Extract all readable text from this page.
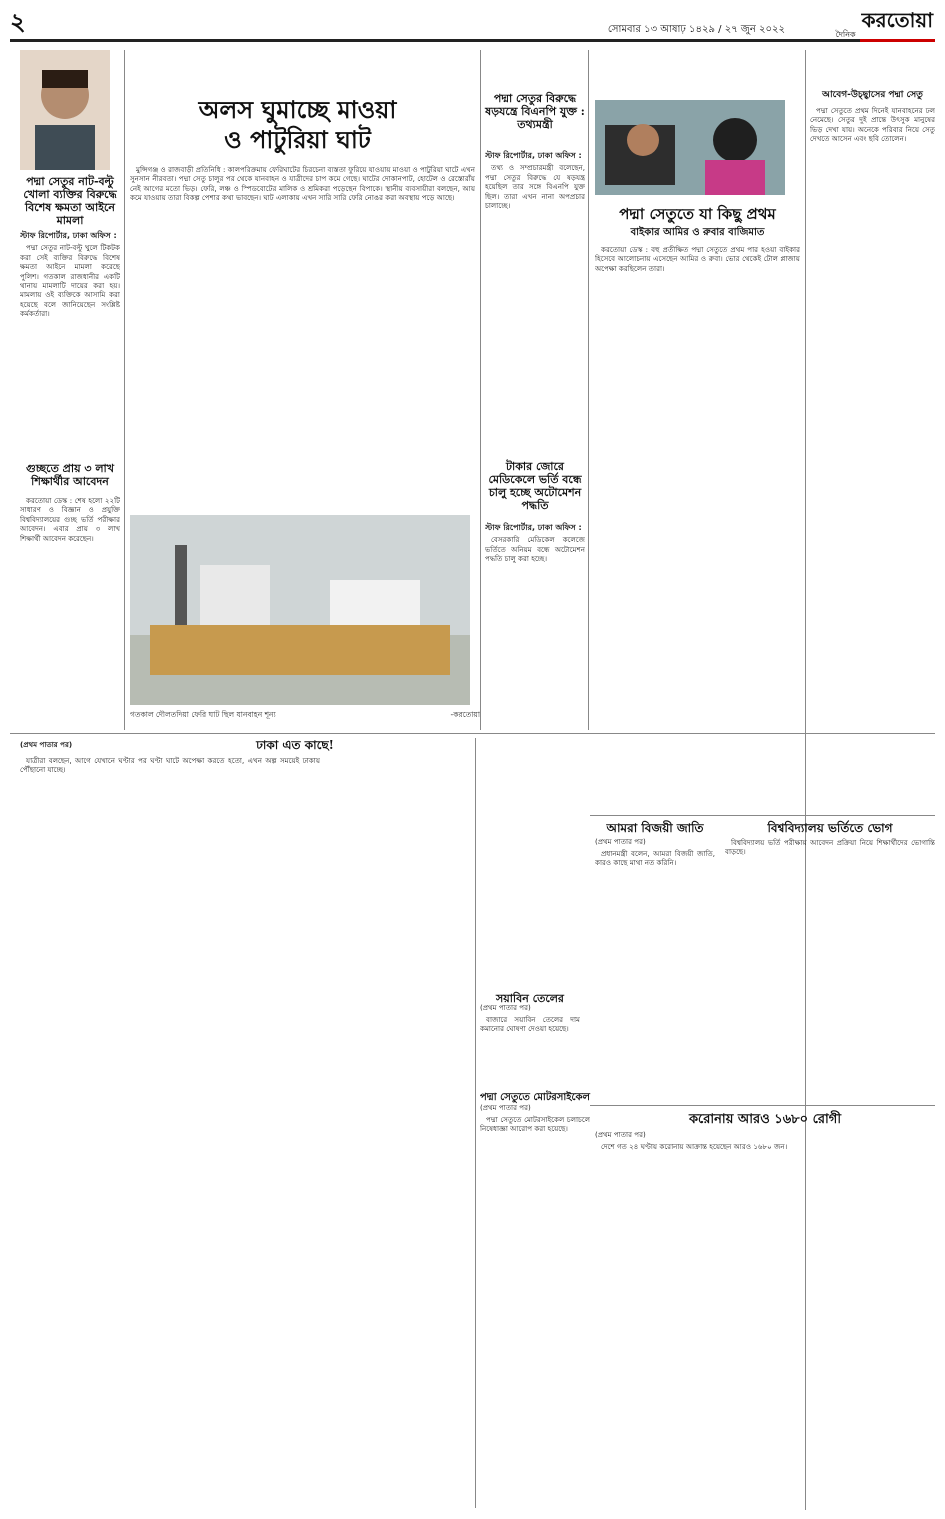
২	সোমবার ১৩ আষাঢ় ১৪২৯ / ২৭ জুন ২০২২	দৈনিক
করতোয়া
পদ্মা সেতুর নাট-বল্টু খোলা ব্যক্তির বিরুদ্ধে বিশেষ ক্ষমতা আইনে মামলা
স্টাফ রিপোর্টার, ঢাকা অফিস :

পদ্মা সেতুর নাট-বল্টু খুলে টিকটক করা সেই ব্যক্তির বিরুদ্ধে বিশেষ ক্ষমতা আইনে মামলা করেছে পুলিশ। গতকাল রাজধানীর একটি থানায় মামলাটি দায়ের করা হয়। মামলায় ওই ব্যক্তিকে আসামি করা হয়েছে বলে জানিয়েছেন সংশ্লিষ্ট কর্মকর্তারা।

গুচ্ছতে প্রায় ৩ লাখ শিক্ষার্থীর আবেদন

করতোয়া ডেস্ক : শেষ হলো ২২টি সাধারণ ও বিজ্ঞান ও প্রযুক্তি বিশ্ববিদ্যালয়ের গুচ্ছ ভর্তি পরীক্ষার আবেদন। এবার প্রায় ৩ লাখ শিক্ষার্থী আবেদন করেছেন।

অলস ঘুমাচ্ছে মাওয়া
ও পাটুরিয়া ঘাট

মুন্সিগঞ্জ ও রাজবাড়ী প্রতিনিধি : কালপরিক্রমায় ফেরিঘাটের চিরচেনা ব্যস্ততা ফুরিয়ে যাওয়ায় মাওয়া ও পাটুরিয়া ঘাটে এখন সুনসান নীরবতা। পদ্মা সেতু চালুর পর থেকে যানবাহন ও যাত্রীদের চাপ কমে গেছে। ঘাটের দোকানপাট, হোটেল ও রেস্তোরাঁয় নেই আগের মতো ভিড়। ফেরি, লঞ্চ ও স্পিডবোটের মালিক ও শ্রমিকরা পড়েছেন বিপাকে। স্থানীয় ব্যবসায়ীরা বলছেন, আয় কমে যাওয়ায় তারা বিকল্প পেশার কথা ভাবছেন। ঘাট এলাকায় এখন সারি সারি ফেরি নোঙর করা অবস্থায় পড়ে আছে।

গতকাল দৌলতদিয়া ফেরি ঘাট ছিল যানবাহন শূন্য	-করতোয়া
পদ্মা সেতুর বিরুদ্ধে ষড়যন্ত্রে বিএনপি যুক্ত : তথ্যমন্ত্রী
স্টাফ রিপোর্টার, ঢাকা অফিস :

তথ্য ও সম্প্রচারমন্ত্রী বলেছেন, পদ্মা সেতুর বিরুদ্ধে যে ষড়যন্ত্র হয়েছিল তার সঙ্গে বিএনপি যুক্ত ছিল। তারা এখন নানা অপপ্রচার চালাচ্ছে।

টাকার জোরে মেডিকেলে ভর্তি বন্ধে চালু হচ্ছে অটোমেশন পদ্ধতি
স্টাফ রিপোর্টার, ঢাকা অফিস :

বেসরকারি মেডিকেল কলেজে ভর্তিতে অনিয়ম বন্ধে অটোমেশন পদ্ধতি চালু করা হচ্ছে।

পদ্মা সেতুতে যা কিছু প্রথম
বাইকার আমির ও রুবার বাজিমাত

করতোয়া ডেস্ক : বহু প্রতীক্ষিত পদ্মা সেতুতে প্রথম পার হওয়া বাইকার হিসেবে আলোচনায় এসেছেন আমির ও রুবা। ভোর থেকেই টোল প্লাজায় অপেক্ষা করছিলেন তারা।

আবেগ-উচ্ছ্বাসের পদ্মা সেতু

পদ্মা সেতুতে প্রথম দিনেই যানবাহনের ঢল নেমেছে। সেতুর দুই প্রান্তে উৎসুক মানুষের ভিড় দেখা যায়। অনেকে পরিবার নিয়ে সেতু দেখতে আসেন এবং ছবি তোলেন।

ঢাকা এত কাছে!
(প্রথম পাতার পর)

যাত্রীরা বলছেন, আগে যেখানে ঘণ্টার পর ঘণ্টা ঘাটে অপেক্ষা করতে হতো, এখন অল্প সময়েই ঢাকায় পৌঁছানো যাচ্ছে।

সয়াবিন তেলের
(প্রথম পাতার পর)

বাজারে সয়াবিন তেলের দাম কমানোর ঘোষণা দেওয়া হয়েছে।

পদ্মা সেতুতে মোটরসাইকেল
(প্রথম পাতার পর)

পদ্মা সেতুতে মোটরসাইকেল চলাচলে নিষেধাজ্ঞা আরোপ করা হয়েছে।

আমরা বিজয়ী জাতি
(প্রথম পাতার পর)

প্রধানমন্ত্রী বলেন, আমরা বিজয়ী জাতি, কারও কাছে মাথা নত করিনি।

বিশ্ববিদ্যালয় ভর্তিতে ভোগ

বিশ্ববিদ্যালয় ভর্তি পরীক্ষায় আবেদন প্রক্রিয়া নিয়ে শিক্ষার্থীদের ভোগান্তি বাড়ছে।

করোনায় আরও ১৬৮০ রোগী
(প্রথম পাতার পর)

দেশে গত ২৪ ঘণ্টায় করোনায় আক্রান্ত হয়েছেন আরও ১৬৮০ জন।
